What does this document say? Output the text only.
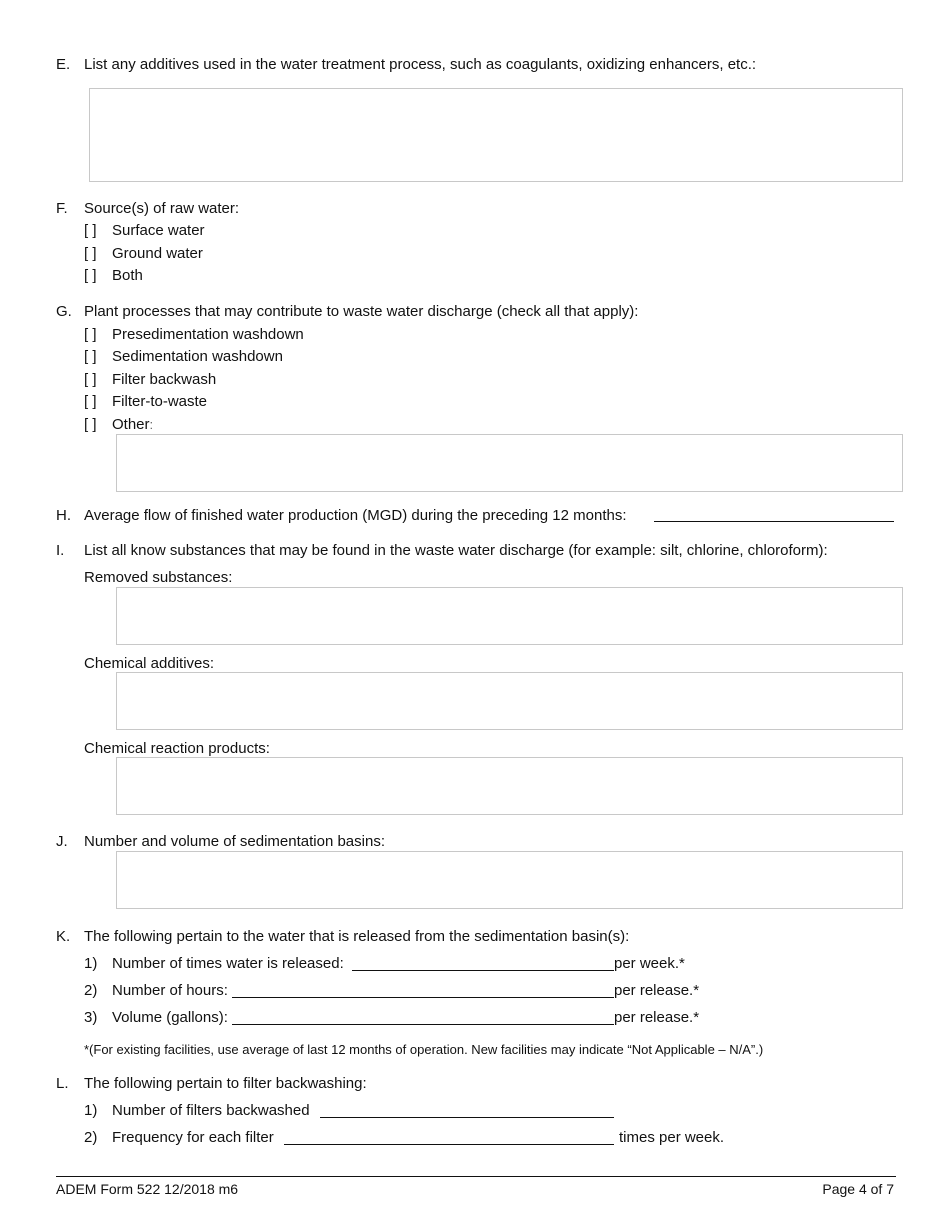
E. List any additives used in the water treatment process, such as coagulants, oxidizing enhancers, etc.:
F. Source(s) of raw water:
[ ] Surface water
[ ] Ground water
[ ] Both
G. Plant processes that may contribute to waste water discharge (check all that apply):
[ ] Presedimentation washdown
[ ] Sedimentation washdown
[ ] Filter backwash
[ ] Filter-to-waste
[ ] Other:
H. Average flow of finished water production (MGD) during the preceding 12 months:
I. List all know substances that may be found in the waste water discharge (for example: silt, chlorine, chloroform):
Removed substances:
Chemical additives:
Chemical reaction products:
J. Number and volume of sedimentation basins:
K. The following pertain to the water that is released from the sedimentation basin(s):
1) Number of times water is released:	per week.*
2) Number of hours:	per release.*
3) Volume (gallons):	per release.*
*(For existing facilities, use average of last 12 months of operation. New facilities may indicate “Not Applicable – N/A”.)
L. The following pertain to filter backwashing:
1) Number of filters backwashed
2) Frequency for each filter	times per week.
ADEM Form 522 12/2018 m6	Page 4 of 7
